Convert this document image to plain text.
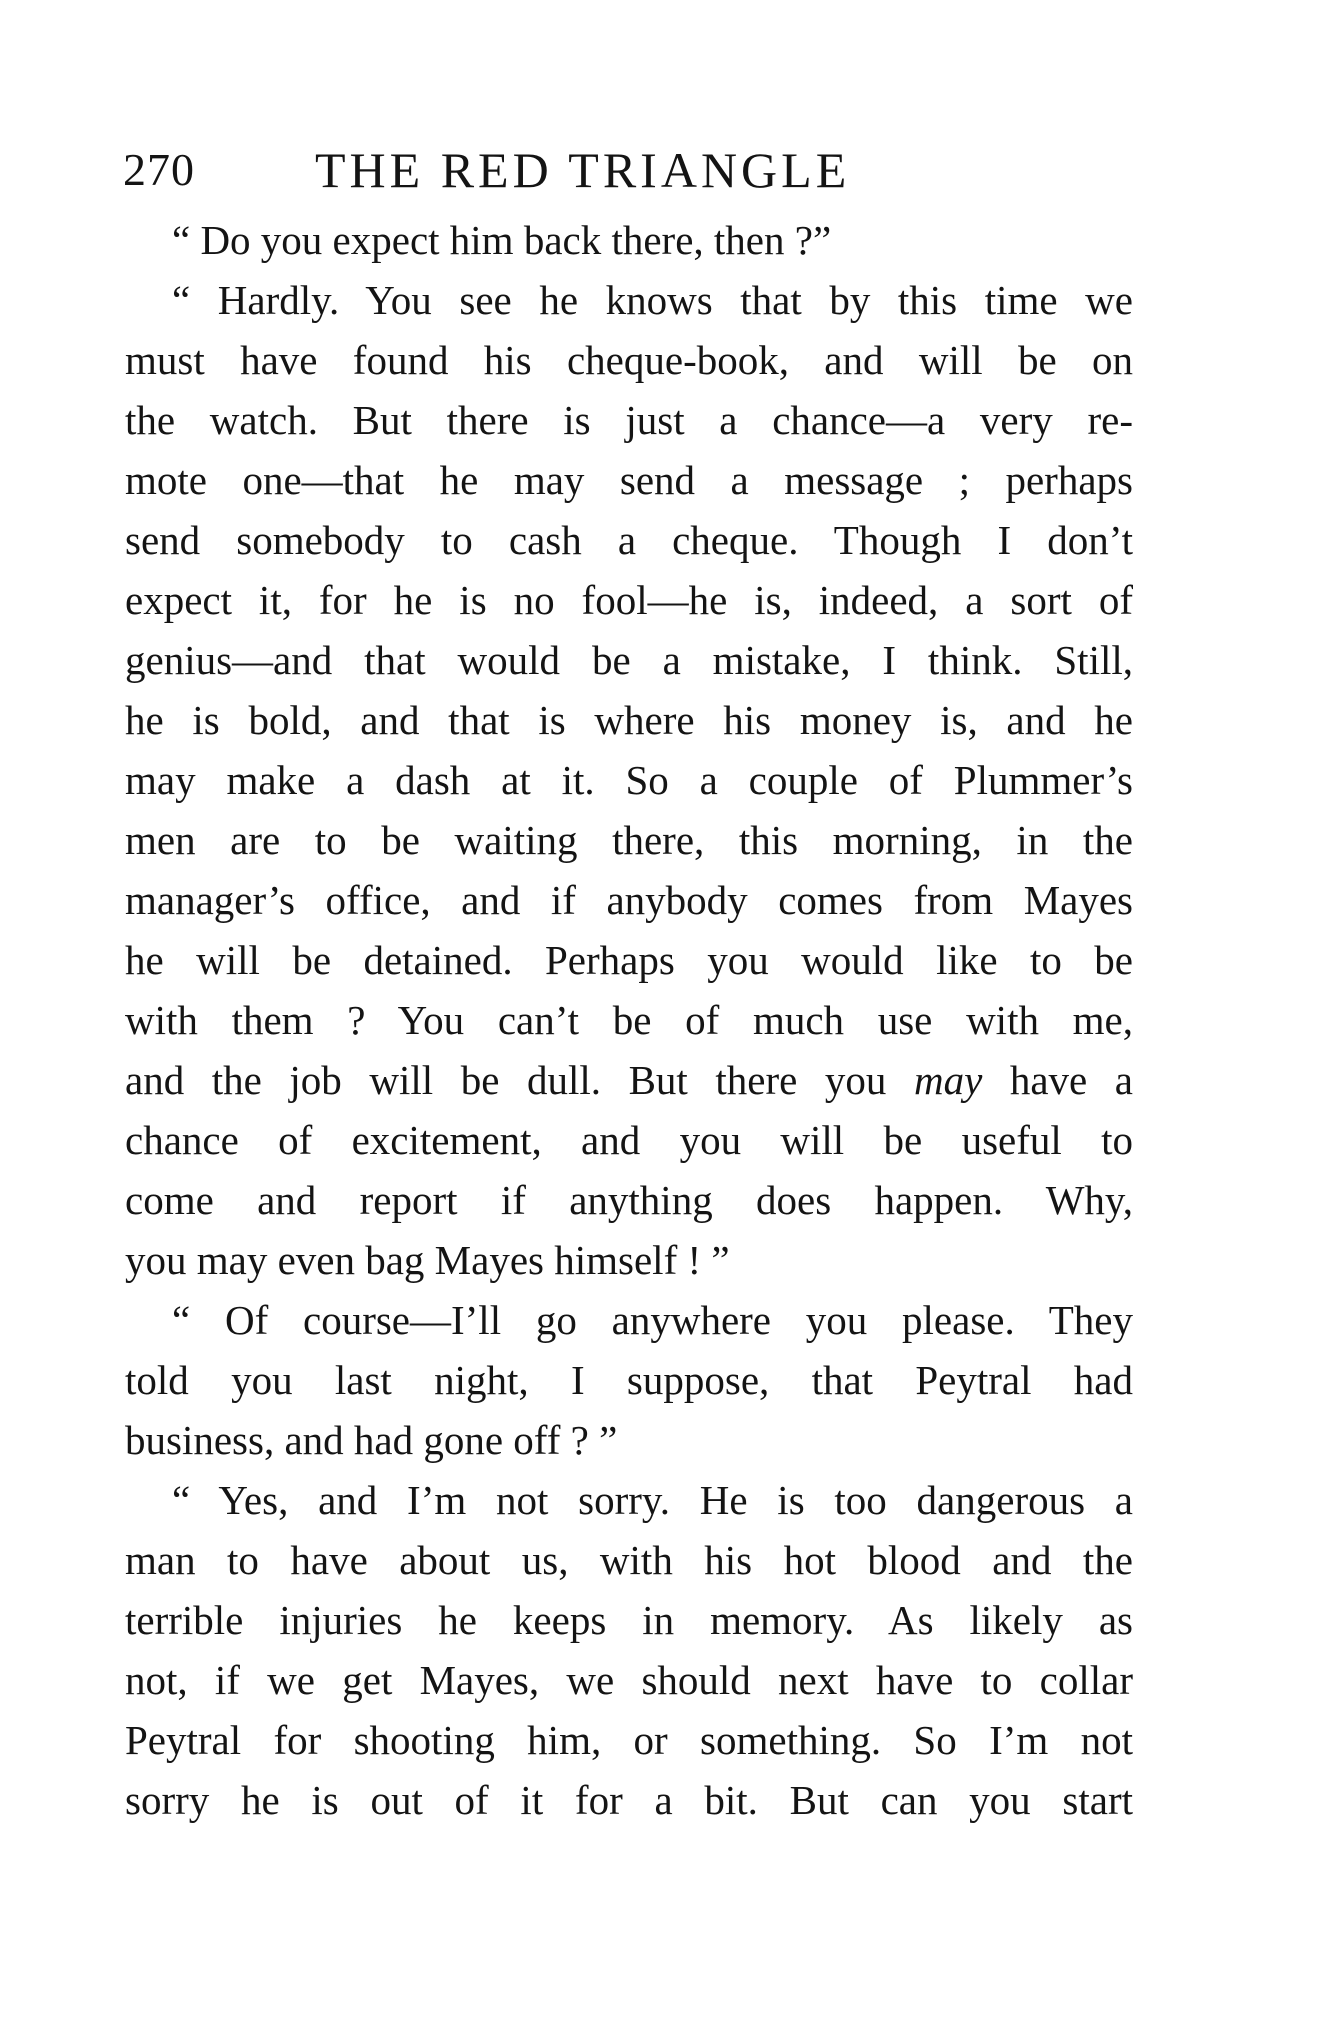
270 THE RED TRIANGLE
“ Do you expect him back there, then ?”
“ Hardly. You see he knows that by this time we
must have found his cheque-book, and will be on
the watch. But there is just a chance—a very re-
mote one—that he may send a message ; perhaps
send somebody to cash a cheque. Though I don’t
expect it, for he is no fool—he is, indeed, a sort of
genius—and that would be a mistake, I think. Still,
he is bold, and that is where his money is, and he
may make a dash at it. So a couple of Plummer’s
men are to be waiting there, this morning, in the
manager’s office, and if anybody comes from Mayes
he will be detained. Perhaps you would like to be
with them ? You can’t be of much use with me,
and the job will be dull. But there you may have a
chance of excitement, and you will be useful to
come and report if anything does happen. Why,
you may even bag Mayes himself ! ”
“ Of course—I’ll go anywhere you please. They
told you last night, I suppose, that Peytral had
business, and had gone off ? ”
“ Yes, and I’m not sorry. He is too dangerous a
man to have about us, with his hot blood and the
terrible injuries he keeps in memory. As likely as
not, if we get Mayes, we should next have to collar
Peytral for shooting him, or something. So I’m not
sorry he is out of it for a bit. But can you start
